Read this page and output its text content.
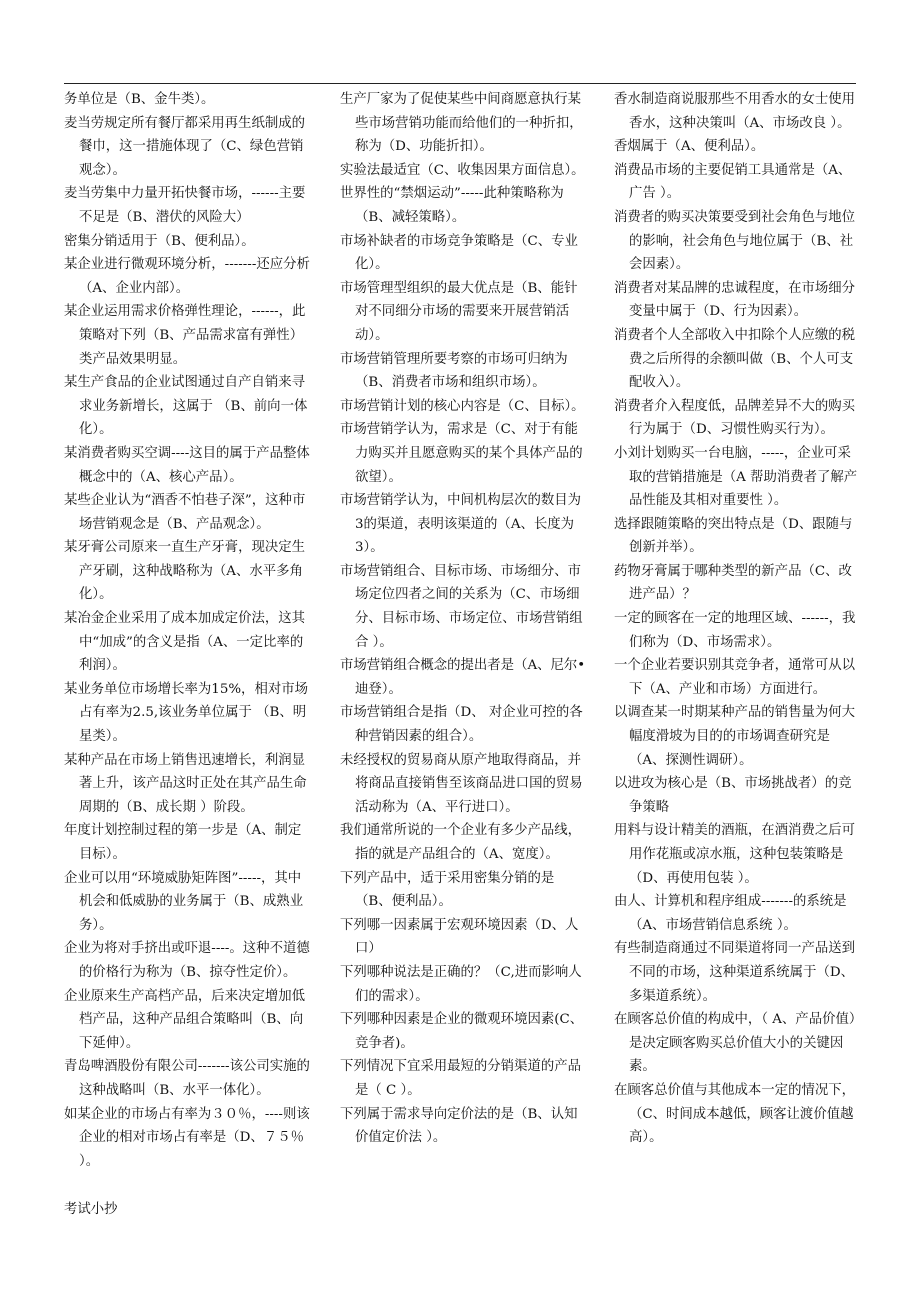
务单位是（B、金牛类）。

麦当劳规定所有餐厅都采用再生纸制成的餐巾，这一措施体现了（C、绿色营销观念）。

麦当劳集中力量开拓快餐市场，------主要不足是（B、潜伏的风险大）

密集分销适用于（B、便利品）。

某企业进行微观环境分析，-------还应分析（A、企业内部）。

某企业运用需求价格弹性理论，------，此策略对下列（B、产品需求富有弹性）类产品效果明显。

某生产食品的企业试图通过自产自销来寻求业务新增长，这属于 （B、前向一体化）。

某消费者购买空调----这目的属于产品整体概念中的（A、核心产品）。

某些企业认为“酒香不怕巷子深”，这种市场营销观念是（B、产品观念）。

某牙膏公司原来一直生产牙膏，现决定生产牙刷，这种战略称为（A、水平多角化）。

某冶金企业采用了成本加成定价法，这其中“加成”的含义是指（A、一定比率的利润）。

某业务单位市场增长率为15%，相对市场占有率为2.5,该业务单位属于 （B、明星类）。

某种产品在市场上销售迅速增长，利润显著上升，该产品这时正处在其产品生命周期的（B、成长期 ）阶段。

年度计划控制过程的第一步是（A、制定目标）。

企业可以用“环境威胁矩阵图”-----，其中机会和低威胁的业务属于（B、成熟业务）。

企业为将对手挤出或吓退----。这种不道德的价格行为称为（B、掠夺性定价）。

企业原来生产高档产品，后来决定增加低档产品，这种产品组合策略叫（B、向下延伸）。

青岛啤酒股份有限公司-------该公司实施的这种战略叫（B、水平一体化）。

如某企业的市场占有率为３０％，----则该企业的相对市场占有率是（D、７５％ ）。

生产厂家为了促使某些中间商愿意执行某些市场营销功能而给他们的一种折扣，称为（D、功能折扣）。

实验法最适宜（C、收集因果方面信息）。

世界性的“禁烟运动”-----此种策略称为（B、减轻策略）。

市场补缺者的市场竞争策略是（C、专业化）。

市场管理型组织的最大优点是（B、能针对不同细分市场的需要来开展营销活动）。

市场营销管理所要考察的市场可归纳为（B、消费者市场和组织市场）。

市场营销计划的核心内容是（C、目标）。

市场营销学认为，需求是（C、对于有能力购买并且愿意购买的某个具体产品的欲望）。

市场营销学认为，中间机构层次的数目为3的渠道，表明该渠道的（A、长度为3）。

市场营销组合、目标市场、市场细分、市场定位四者之间的关系为（C、市场细分、目标市场、市场定位、市场营销组合 ）。

市场营销组合概念的提出者是（A、尼尔•迪登）。

市场营销组合是指（D、 对企业可控的各种营销因素的组合）。

未经授权的贸易商从原产地取得商品，并将商品直接销售至该商品进口国的贸易活动称为（A、平行进口）。

我们通常所说的一个企业有多少产品线，指的就是产品组合的（A、宽度）。

下列产品中，适于采用密集分销的是（B、便利品）。

下列哪一因素属于宏观环境因素（D、人口）

下列哪种说法是正确的？（C,进而影响人们的需求）。

下列哪种因素是企业的微观环境因素(C、竞争者)。

下列情况下宜采用最短的分销渠道的产品是（ C ）。

下列属于需求导向定价法的是（B、认知价值定价法 ）。

香水制造商说服那些不用香水的女士使用香水，这种决策叫（A、市场改良 ）。

香烟属于（A、便利品）。

消费品市场的主要促销工具通常是（A、广告 ）。

消费者的购买决策要受到社会角色与地位的影响，社会角色与地位属于（B、社会因素）。

消费者对某品牌的忠诚程度，在市场细分变量中属于（D、行为因素）。

消费者个人全部收入中扣除个人应缴的税费之后所得的余额叫做（B、个人可支配收入）。

消费者介入程度低，品牌差异不大的购买行为属于（D、习惯性购买行为）。

小刘计划购买一台电脑，-----，企业可采取的营销措施是（A 帮助消费者了解产品性能及其相对重要性 ）。

选择跟随策略的突出特点是（D、跟随与创新并举）。

药物牙膏属于哪种类型的新产品（C、改进产品）？

一定的顾客在一定的地理区域、------，我们称为（D、市场需求）。

一个企业若要识别其竞争者，通常可从以下（A、产业和市场）方面进行。

以调查某一时期某种产品的销售量为何大幅度滑坡为目的的市场调查研究是（A、探测性调研）。

以进攻为核心是（B、市场挑战者）的竞争策略

用料与设计精美的酒瓶，在酒消费之后可用作花瓶或凉水瓶，这种包装策略是（D、再使用包装 ）。

由人、计算机和程序组成-------的系统是（A、市场营销信息系统 ）。

有些制造商通过不同渠道将同一产品送到不同的市场，这种渠道系统属于（D、多渠道系统）。

在顾客总价值的构成中，（ A、产品价值）是决定顾客购买总价值大小的关键因素。

在顾客总价值与其他成本一定的情况下，（C、时间成本越低，顾客让渡价值越高）。

考试小抄
